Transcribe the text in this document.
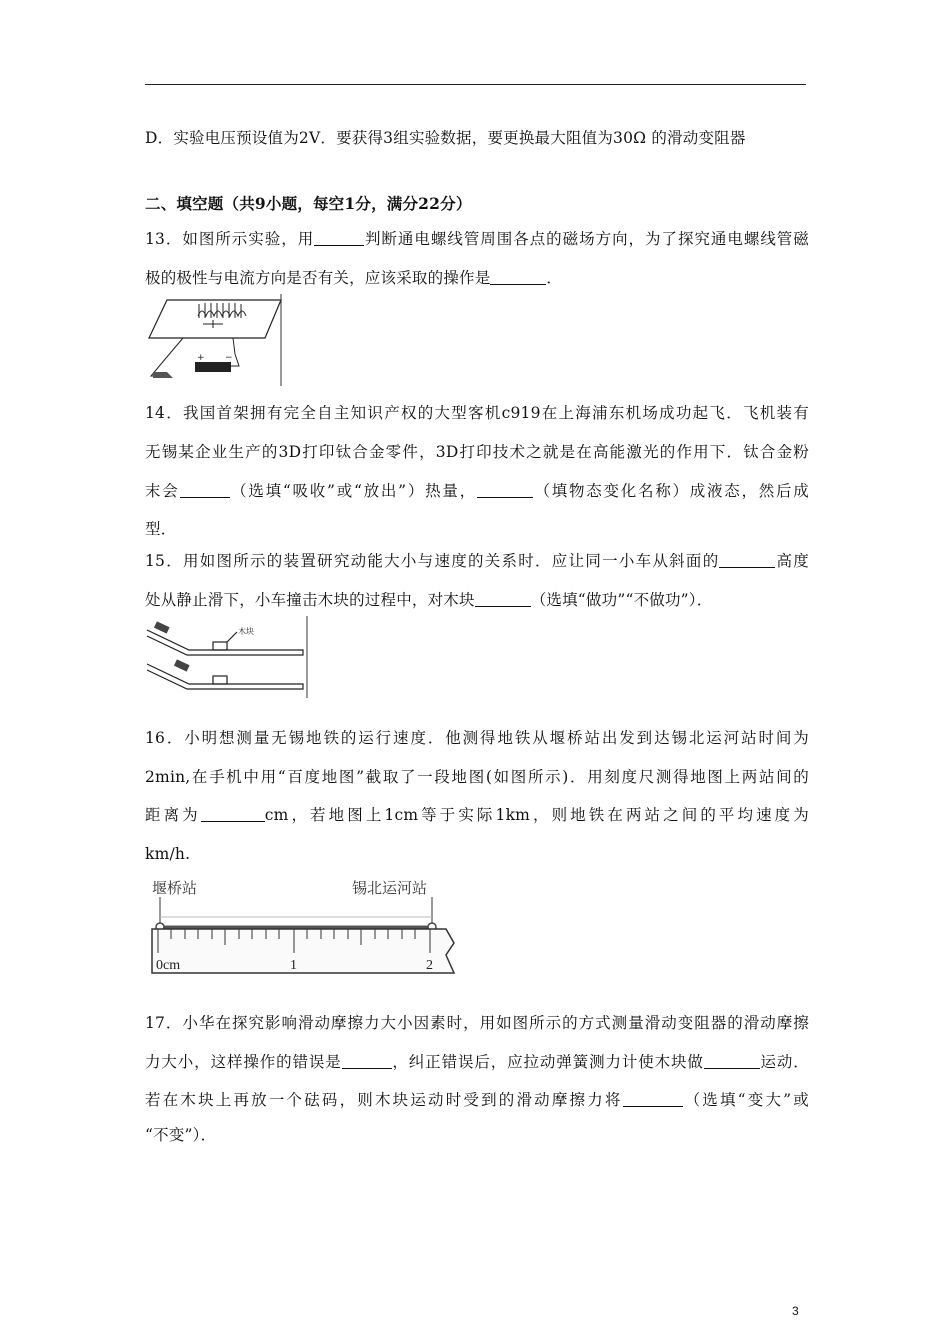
D．实验电压预设值为2V．要获得3组实验数据，要更换最大阻值为30Ω 的滑动变阻器
二、填空题（共9小题，每空1分，满分22分）
13．如图所示实验，用	判断通电螺线管周围各点的磁场方向，为了探究通电螺线管磁
极的极性与电流方向是否有关，应该采取的操作是	．
+ −
14．我国首架拥有完全自主知识产权的大型客机c919在上海浦东机场成功起飞．飞机装有
无锡某企业生产的3D打印钛合金零件，3D打印技术之就是在高能激光的作用下．钛合金粉
末会	（选填“吸收”或“放出”）热量，	（填物态变化名称）成液态，然后成
型．
15．用如图所示的装置研究动能大小与速度的关系时．应让同一小车从斜面的	高度
处从静止滑下，小车撞击木块的过程中，对木块	（选填“做功”“不做功”）．
木块
16．小明想测量无锡地铁的运行速度．他测得地铁从堰桥站出发到达锡北运河站时间为
2min,在手机中用“百度地图”截取了一段地图(如图所示)．用刻度尺测得地图上两站间的
距离为	cm，若地图上1cm等于实际1km，则地铁在两站之间的平均速度为
km/h.
堰桥站	锡北运河站
0cm	1	2
17．小华在探究影响滑动摩擦力大小因素时，用如图所示的方式测量滑动变阻器的滑动摩擦
力大小，这样操作的错误是	，纠正错误后，应拉动弹簧测力计使木块做	运动．
若在木块上再放一个砝码，则木块运动时受到的滑动摩擦力将	（选填“变大”或
“不变”）．
3
